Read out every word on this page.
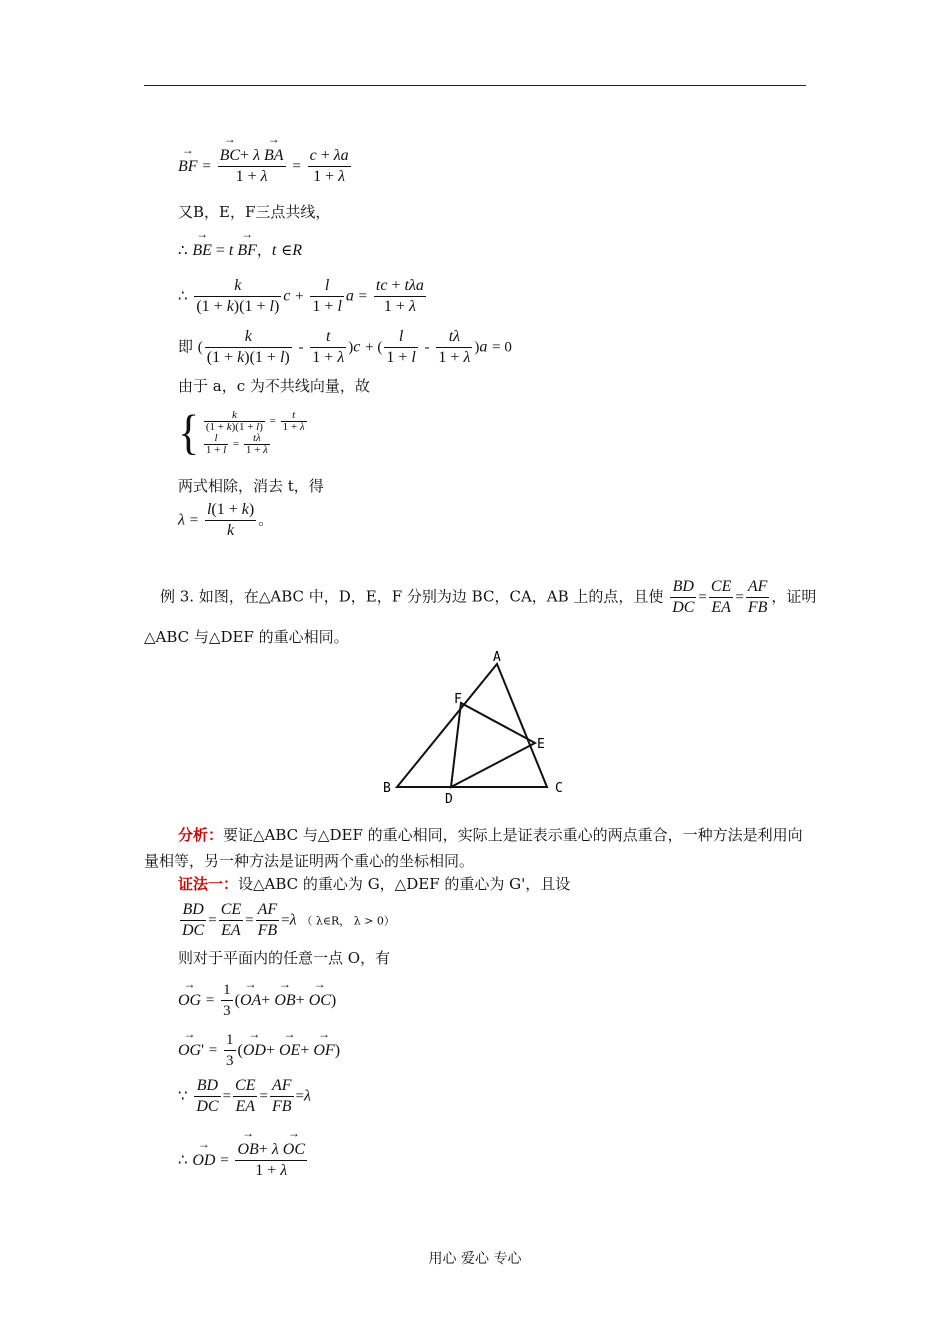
→ BF = → $\frac{BC+ \lambda \to BA}{1 + \lambda} = \frac{c + \lambda a}{1 + \lambda}$
又B，E，F三点共线，
∴ → BE = t → BF，t ∈R
∴ $\frac{k}{(1 + k)(1 + l)}$ $c + \frac{l}{1 + l}$ $a = \frac{\text{tc + tλa}}{1 + \lambda}$
即 ( $\frac{k}{(1 + k)(1 + l)} - \frac{t}{1 + \lambda} )c$ + ( $\frac{l}{1 + l} - \frac{t\lambda}{1 + \lambda} )a = 0$
由于 a，c 为不共线向量，故
{ $\frac{k}{(1 + k)(1 + l)} = \frac{t}{1 + \lambda}$
$\frac{l}{1 + l} = \frac{t\lambda}{1 + \lambda}$
两式相除，消去 t，得
$\lambda = \frac{l(1 + k)}{k}$ 。
例 3. 如图，在△ABC 中，D，E，F 分别为边 BC，CA，AB 上的点，且使 $\frac{BD}{DC} = \frac{CE}{EA} = \frac{AF}{FB}$ ，证明
△ABC 与△DEF 的重心相同。
A
B	C
D
E
F
分析：要证△ABC 与△DEF 的重心相同，实际上是证表示重心的两点重合，一种方法是利用向量相等，另一种方法是证明两个重心的坐标相同。
证法一：设△ABC 的重心为 G，△DEF 的重心为 G'，且设
$\frac{BD}{DC} = \frac{CE}{EA} = \frac{AF}{FB} =\lambda$ （ λ∈R， λ > 0）
则对于平面内的任意一点 O，有
→ OG = $\frac{1}{3}$ (→ OA+ → OB+ → OC)
→ $OG' = \frac{1}{3}$ (→ OD+ → OE+ → OF)
∵ $\frac{BD}{DC} = \frac{CE}{EA} = \frac{AF}{FB} =\lambda$
∴ → OD = → $\frac{OB+ \lambda \to OC}{1 + \lambda}$
用心 爱心 专心
